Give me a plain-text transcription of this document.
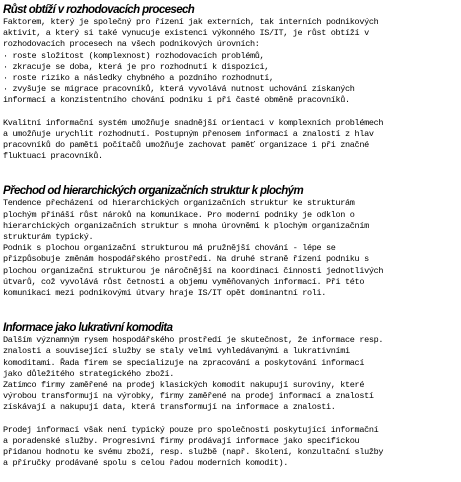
Růst obtíží v rozhodovacích procesech

Faktorem, který je společný pro řízení jak externích, tak interních podnikových
aktivit, a který si také vynucuje existenci výkonného IS/IT, je růst obtíží v
rozhodovacích procesech na všech podnikových úrovních:
· roste složitost (komplexnost) rozhodovacích problémů,
· zkracuje se doba, která je pro rozhodnutí k dispozici,
· roste riziko a následky chybného a pozdního rozhodnutí,
· zvyšuje se migrace pracovníků, která vyvolává nutnost uchování získaných
informací a konzistentního chování podniku i při časté obměně pracovníků.

Kvalitní informační systém umožňuje snadnější orientaci v komplexních problémech
a umožňuje urychlit rozhodnutí. Postupným přenosem informací a znalostí z hlav
pracovníků do paměti počítačů umožňuje zachovat paměť organizace i při značné
fluktuaci pracovníků.

Přechod od hierarchických organizačních struktur k plochým

Tendence přecházení od hierarchických organizačních struktur ke strukturám
plochým přináší růst nároků na komunikace. Pro moderní podniky je odklon o
hierarchických organizačních struktur s mnoha úrovněmi k plochým organizačním
strukturám typický.
Podnik s plochou organizační strukturou má pružnější chování - lépe se
přizpůsobuje změnám hospodářského prostředí. Na druhé straně řízení podniku s
plochou organizační strukturou je náročnější na koordinaci činnosti jednotlivých
útvarů, což vyvolává růst četnosti a objemu vyměňovaných informací. Při této
komunikaci mezi podnikovými útvary hraje IS/IT opět dominantní roli.

Informace jako lukrativní komodita

Dalším významným rysem hospodářského prostředí je skutečnost, že informace resp.
znalosti a související služby se staly velmi vyhledávanými a lukrativními
komoditami. Řada firem se specializuje na zpracování a poskytování informací
jako důležitého strategického zboží.
Zatímco firmy zaměřené na prodej klasických komodit nakupují suroviny, které
výrobou transformují na výrobky, firmy zaměřené na prodej informací a znalostí
získávají a nakupují data, která transformují na informace a znalosti.

Prodej informací však není typický pouze pro společnosti poskytující informační
a poradenské služby. Progresivní firmy prodávají informace jako specifickou
přidanou hodnotu ke svému zboží, resp. službě (např. školení, konzultační služby
a příručky prodávané spolu s celou řadou moderních komodit).
